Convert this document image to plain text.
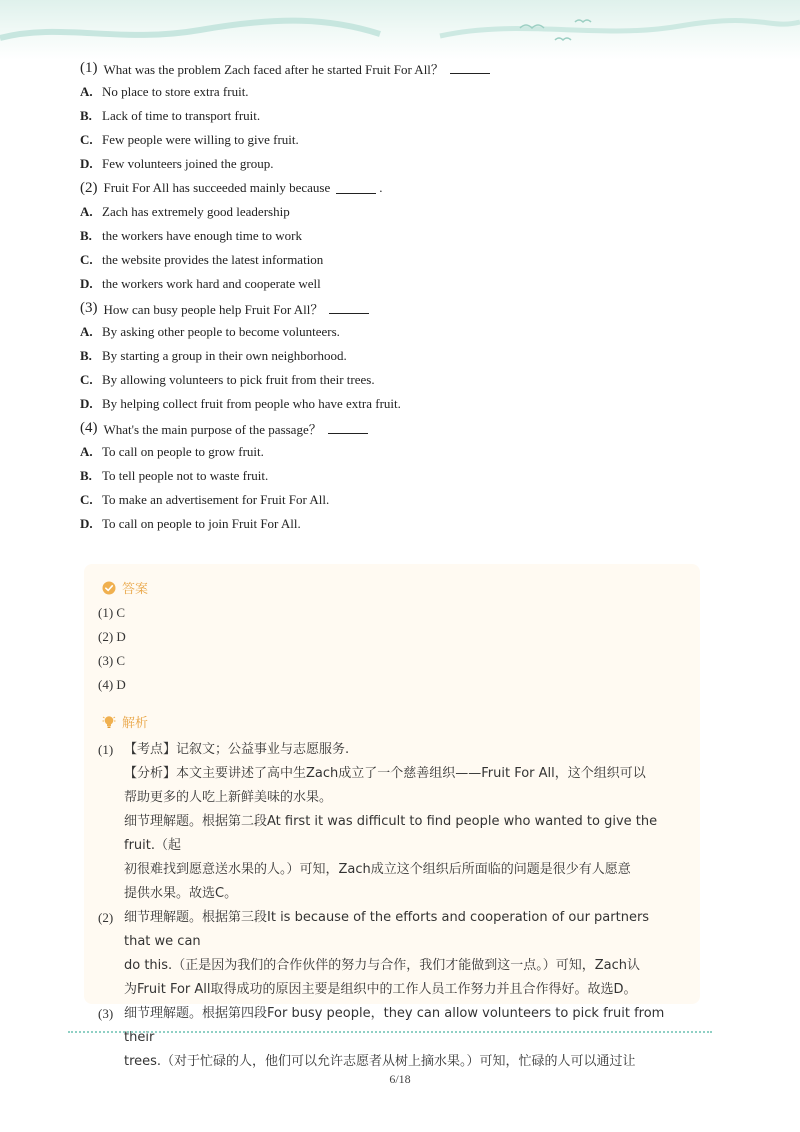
(1) What was the problem Zach faced after he started Fruit For All？
A. No place to store extra fruit.
B. Lack of time to transport fruit.
C. Few people were willing to give fruit.
D. Few volunteers joined the group.
(2) Fruit For All has succeeded mainly because	.
A. Zach has extremely good leadership
B. the workers have enough time to work
C. the website provides the latest information
D. the workers work hard and cooperate well
(3) How can busy people help Fruit For All？
A. By asking other people to become volunteers.
B. By starting a group in their own neighborhood.
C. By allowing volunteers to pick fruit from their trees.
D. By helping collect fruit from people who have extra fruit.
(4) What's the main purpose of the passage？
A. To call on people to grow fruit.
B. To tell people not to waste fruit.
C. To make an advertisement for Fruit For All.
D. To call on people to join Fruit For All.
答案
(1) C
(2) D
(3) C
(4) D
解析
(1) 【考点】记叙文；公益事业与志愿服务.

【分析】本文主要讲述了高中生Zach成立了一个慈善组织——Fruit For All，这个组织可以

帮助更多的人吃上新鲜美味的水果。

细节理解题。根据第二段At first it was difficult to find people who wanted to give the fruit.（起

初很难找到愿意送水果的人。）可知，Zach成立这个组织后所面临的问题是很少有人愿意

提供水果。故选C。

(2) 细节理解题。根据第三段It is because of the efforts and cooperation of our partners that we can

do this.（正是因为我们的合作伙伴的努力与合作，我们才能做到这一点。）可知，Zach认

为Fruit For All取得成功的原因主要是组织中的工作人员工作努力并且合作得好。故选D。

(3) 细节理解题。根据第四段For busy people，they can allow volunteers to pick fruit from their

trees.（对于忙碌的人，他们可以允许志愿者从树上摘水果。）可知，忙碌的人可以通过让

6/18
